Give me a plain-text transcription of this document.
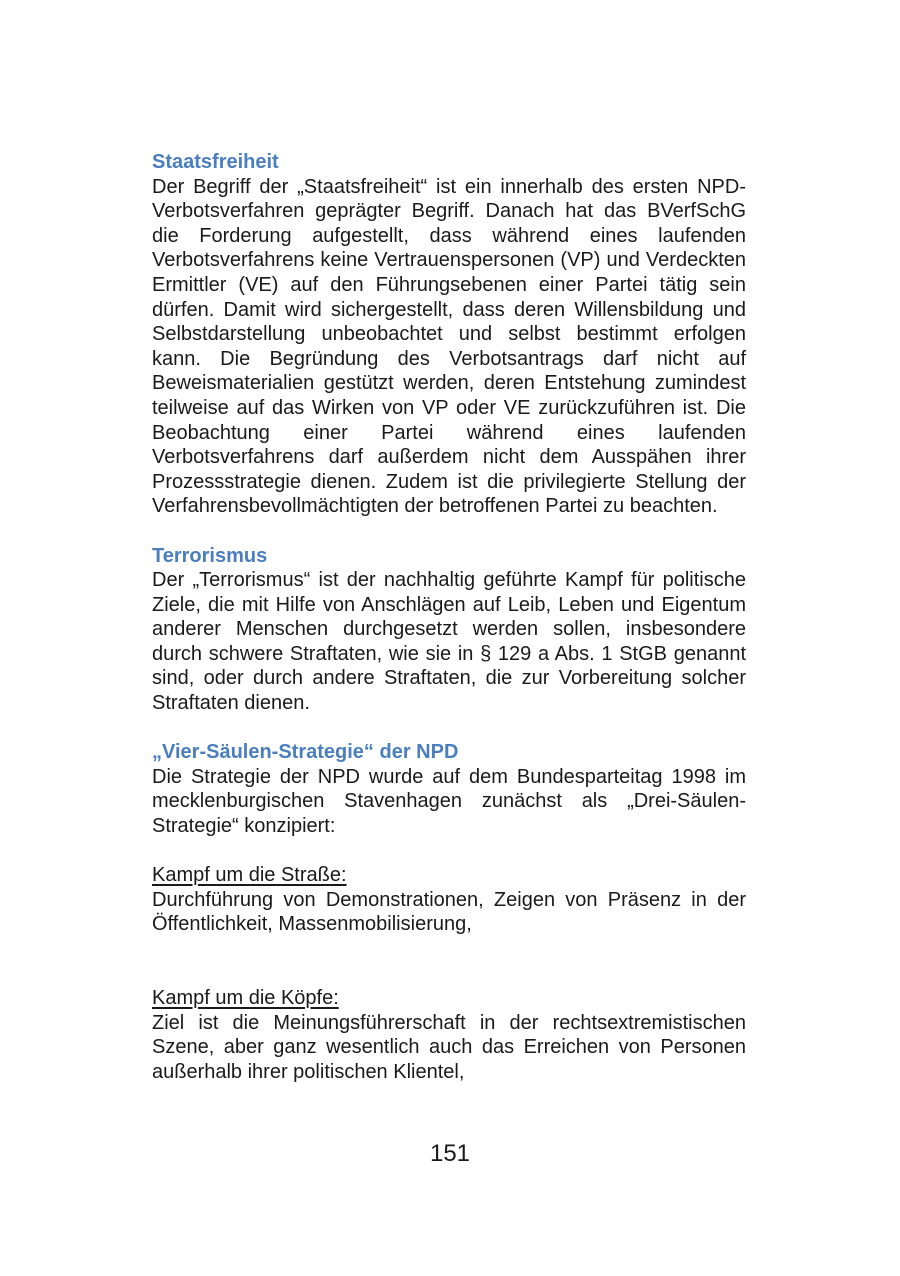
Staatsfreiheit

Der Begriff der „Staatsfreiheit“ ist ein innerhalb des ersten NPD-Verbotsverfahren geprägter Begriff. Danach hat das BVerfSchG die Forderung aufgestellt, dass während eines laufenden Verbotsverfahrens keine Vertrauenspersonen (VP) und Verdeckten Ermittler (VE) auf den Führungsebenen einer Partei tätig sein dürfen. Damit wird sichergestellt, dass deren Willensbildung und Selbstdarstellung unbeobachtet und selbst bestimmt erfolgen kann. Die Begründung des Verbotsantrags darf nicht auf Beweismaterialien gestützt werden, deren Entstehung zumindest teilweise auf das Wirken von VP oder VE zurückzuführen ist. Die Beobachtung einer Partei während eines laufenden Verbotsverfahrens darf außerdem nicht dem Ausspähen ihrer Prozessstrategie dienen. Zudem ist die privilegierte Stellung der Verfahrensbevollmächtigten der betroffenen Partei zu beachten.

Terrorismus

Der „Terrorismus“ ist der nachhaltig geführte Kampf für politische Ziele, die mit Hilfe von Anschlägen auf Leib, Leben und Eigentum anderer Menschen durchgesetzt werden sollen, insbesondere durch schwere Straftaten, wie sie in § 129 a Abs. 1 StGB genannt sind, oder durch andere Straftaten, die zur Vorbereitung solcher Straftaten dienen.

„Vier-Säulen-Strategie“ der NPD

Die Strategie der NPD wurde auf dem Bundesparteitag 1998 im mecklenburgischen Stavenhagen zunächst als „Drei-Säulen-Strategie“ konzipiert:

Kampf um die Straße:

Durchführung von Demonstrationen, Zeigen von Präsenz in der Öffentlichkeit, Massenmobilisierung,

Kampf um die Köpfe:

Ziel ist die Meinungsführerschaft in der rechtsextremistischen Szene, aber ganz wesentlich auch das Erreichen von Personen außerhalb ihrer politischen Klientel,

151
